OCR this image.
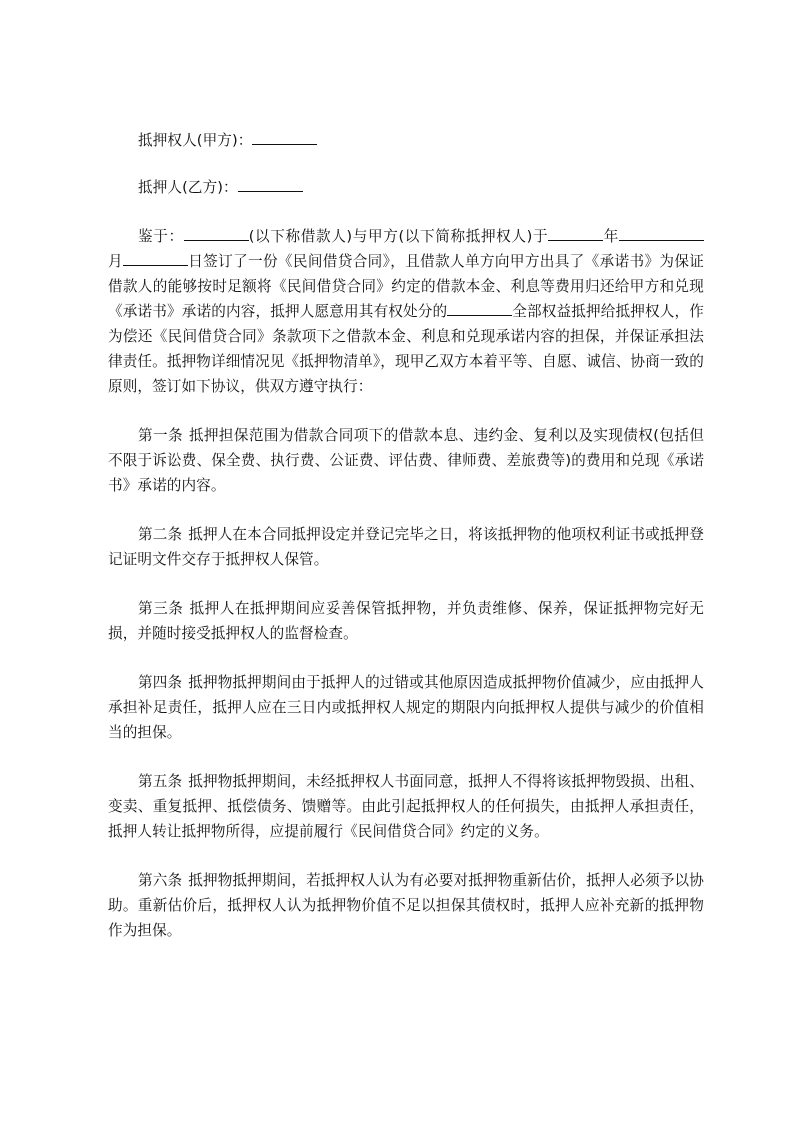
抵押权人(甲方)：

抵押人(乙方)：

鉴于：	(以下称借款人)与甲方(以下简称抵押权人)于	年月	日签订了一份《民间借贷合同》，且借款人单方向甲方出具了《承诺书》为保证借款人的能够按时足额将《民间借贷合同》约定的借款本金、利息等费用归还给甲方和兑现《承诺书》承诺的内容，抵押人愿意用其有权处分的	全部权益抵押给抵押权人，作为偿还《民间借贷合同》条款项下之借款本金、利息和兑现承诺内容的担保，并保证承担法律责任。抵押物详细情况见《抵押物清单》，现甲乙双方本着平等、自愿、诚信、协商一致的原则，签订如下协议，供双方遵守执行：

第一条 抵押担保范围为借款合同项下的借款本息、违约金、复利以及实现债权(包括但不限于诉讼费、保全费、执行费、公证费、评估费、律师费、差旅费等)的费用和兑现《承诺书》承诺的内容。

第二条 抵押人在本合同抵押设定并登记完毕之日，将该抵押物的他项权利证书或抵押登记证明文件交存于抵押权人保管。

第三条 抵押人在抵押期间应妥善保管抵押物，并负责维修、保养，保证抵押物完好无损，并随时接受抵押权人的监督检查。

第四条 抵押物抵押期间由于抵押人的过错或其他原因造成抵押物价值减少，应由抵押人承担补足责任，抵押人应在三日内或抵押权人规定的期限内向抵押权人提供与减少的价值相当的担保。

第五条 抵押物抵押期间，未经抵押权人书面同意，抵押人不得将该抵押物毁损、出租、变卖、重复抵押、抵偿债务、馈赠等。由此引起抵押权人的任何损失，由抵押人承担责任，抵押人转让抵押物所得，应提前履行《民间借贷合同》约定的义务。

第六条 抵押物抵押期间，若抵押权人认为有必要对抵押物重新估价，抵押人必须予以协助。重新估价后，抵押权人认为抵押物价值不足以担保其债权时，抵押人应补充新的抵押物作为担保。
